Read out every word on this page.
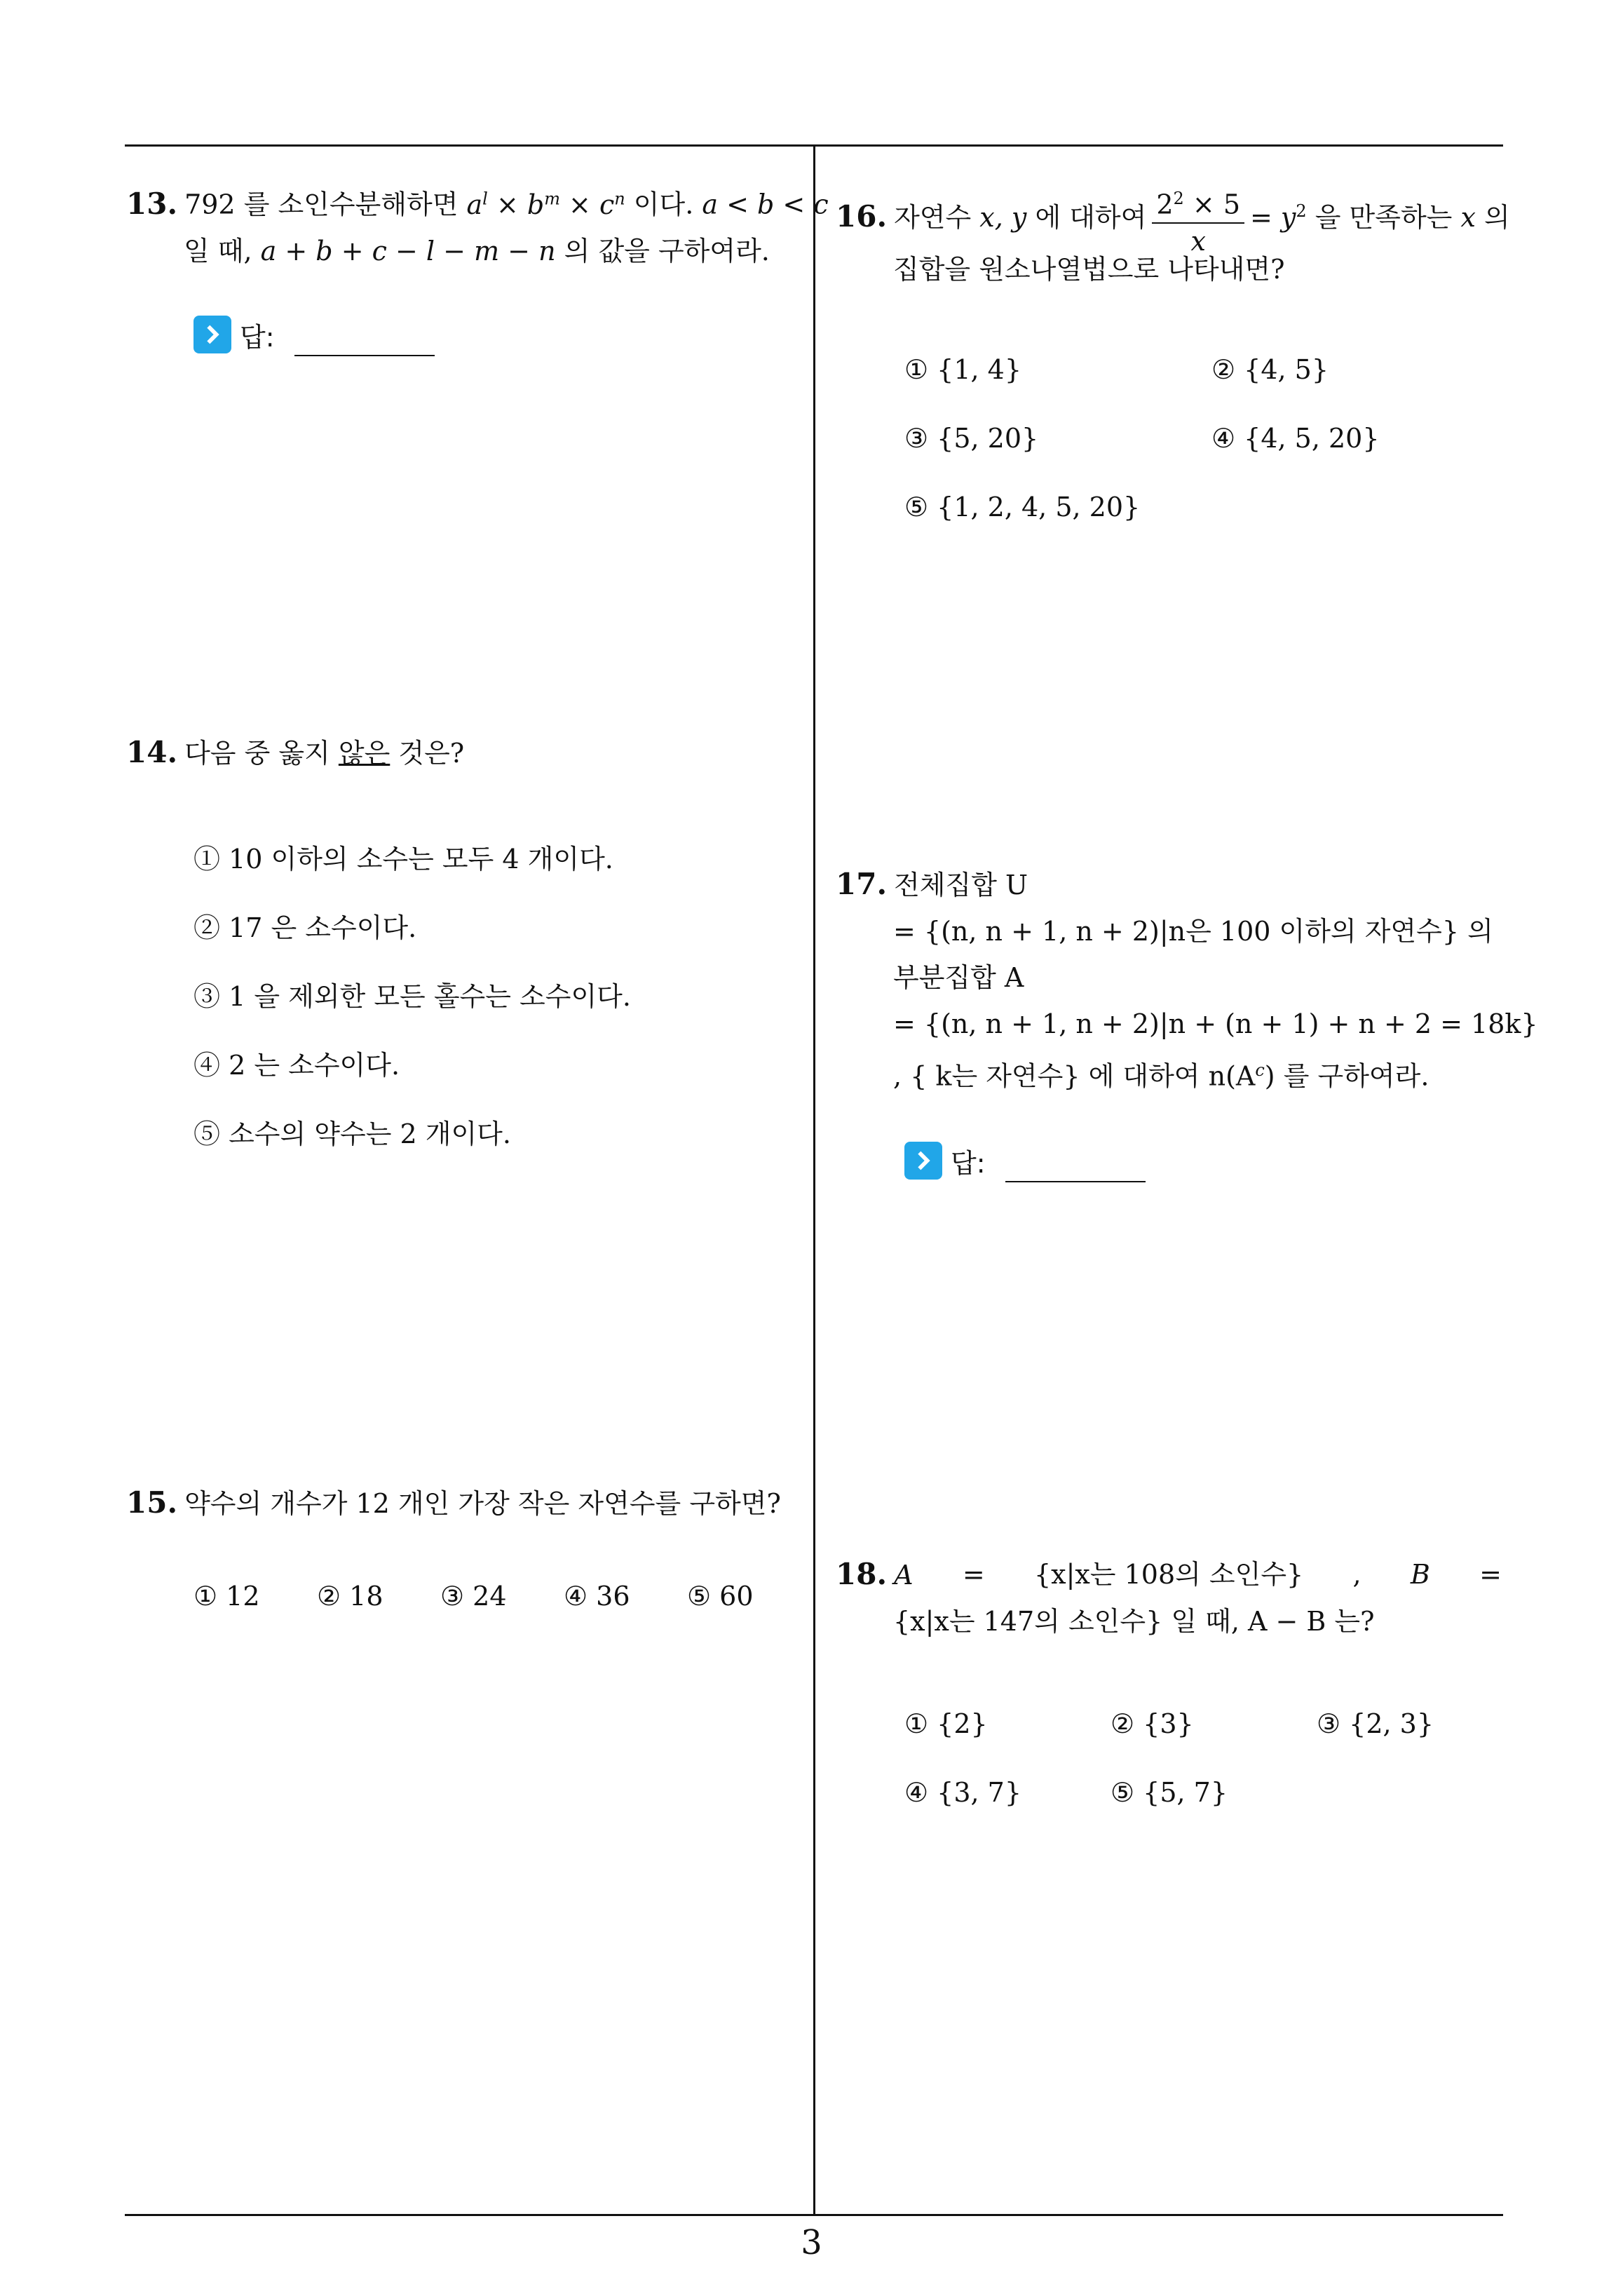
13. 792 를 소인수분해하면 $a^l \times b^m \times c^n$ 이다. a < b < c
일 때, a + b + c − l − m − n 의 값을 구하여라.
답:
14. 다음 중 옳지 않은 것은?
① 10 이하의 소수는 모두 4 개이다.
② 17 은 소수이다.
③ 1 을 제외한 모든 홀수는 소수이다.
④ 2 는 소수이다.
⑤ 소수의 약수는 2 개이다.
15. 약수의 개수가 12 개인 가장 작은 자연수를 구하면?
① 12 ② 18 ③ 24 ④ 36 ⑤ 60
16. 자연수 x, y 에 대하여 $\frac{2^2 \times 5}{x} = y^2$ 을 만족하는 x 의
집합을 원소나열법으로 나타내면?
① {1, 4}	② {4, 5}
③ {5, 20}	④ {4, 5, 20}
⑤ {1, 2, 4, 5, 20}
17. 전체집합 U
= {(n, n + 1, n + 2)|n은 100 이하의 자연수} 의
부분집합 A
= {(n, n + 1, n + 2)|n + (n + 1) + n + 2 = 18k}
, { k는 자연수} 에 대하여 $n(A^c)$ 를 구하여라.
답:
18. A = {x|x는 108의 소인수} , B =
{x|x는 147의 소인수} 일 때, A − B 는?
① {2}	② {3}	③ {2, 3}
④ {3, 7}	⑤ {5, 7}
3
